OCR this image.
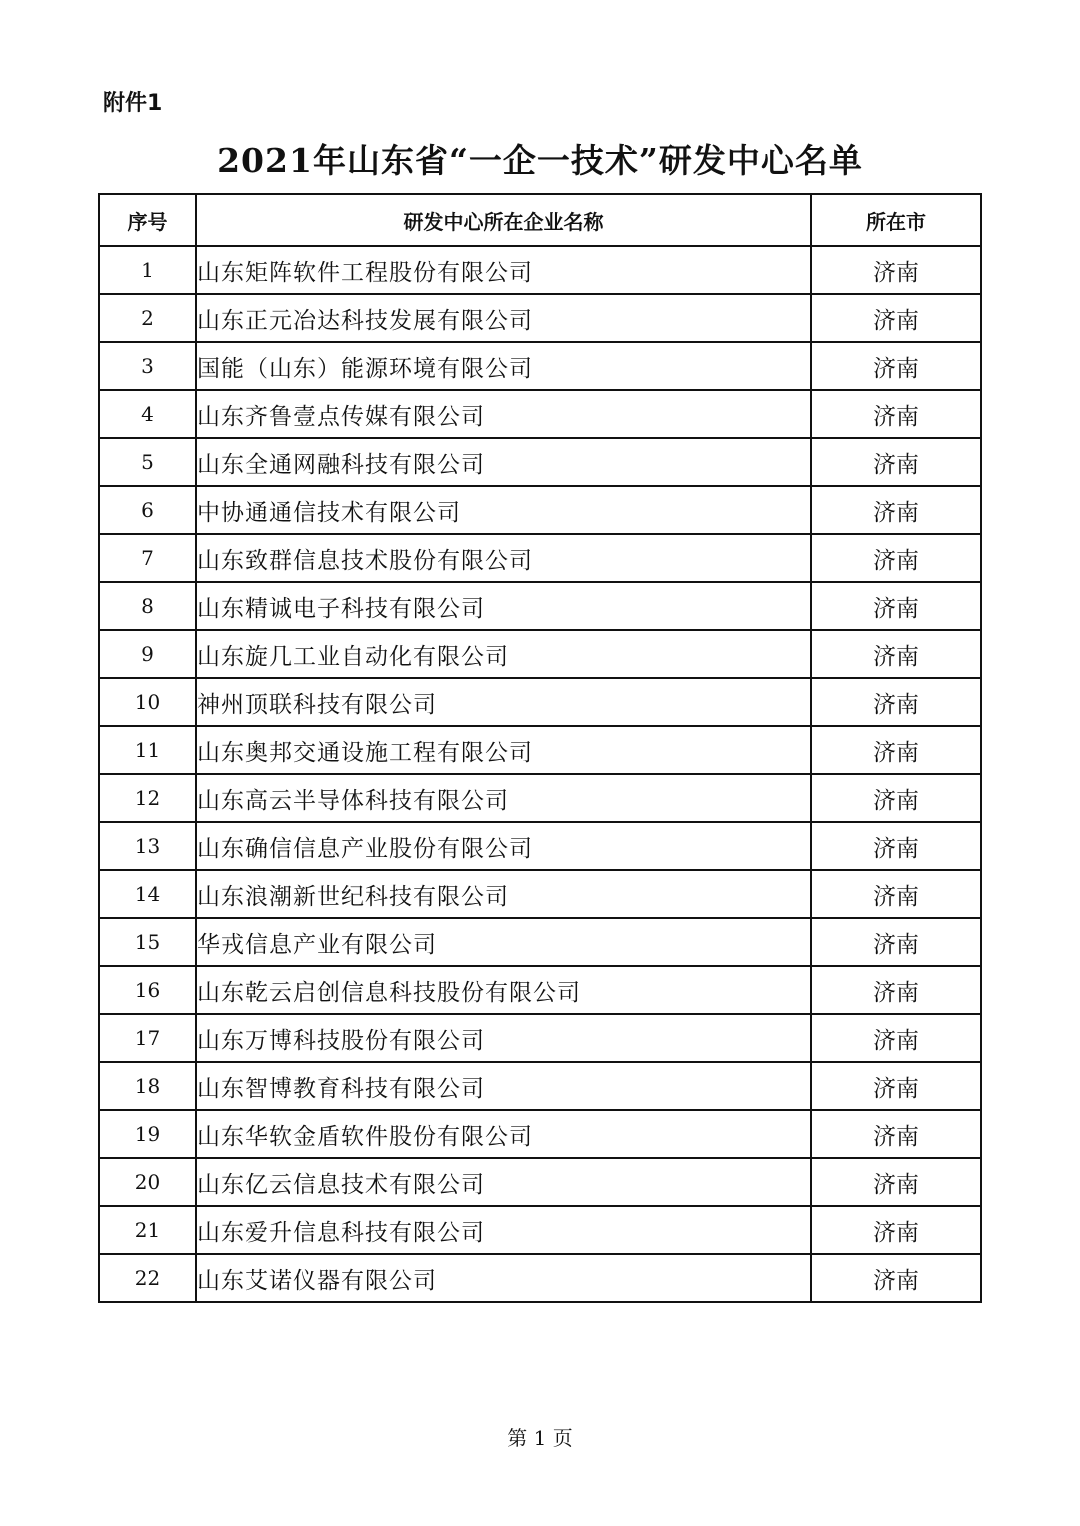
附件1
2021年山东省“一企一技术”研发中心名单
序号	研发中心所在企业名称	所在市
1	山东矩阵软件工程股份有限公司	济南
2	山东正元冶达科技发展有限公司	济南
3	国能（山东）能源环境有限公司	济南
4	山东齐鲁壹点传媒有限公司	济南
5	山东全通网融科技有限公司	济南
6	中协通通信技术有限公司	济南
7	山东致群信息技术股份有限公司	济南
8	山东精诚电子科技有限公司	济南
9	山东旋几工业自动化有限公司	济南
10	神州顶联科技有限公司	济南
11	山东奥邦交通设施工程有限公司	济南
12	山东高云半导体科技有限公司	济南
13	山东确信信息产业股份有限公司	济南
14	山东浪潮新世纪科技有限公司	济南
15	华戎信息产业有限公司	济南
16	山东乾云启创信息科技股份有限公司	济南
17	山东万博科技股份有限公司	济南
18	山东智博教育科技有限公司	济南
19	山东华软金盾软件股份有限公司	济南
20	山东亿云信息技术有限公司	济南
21	山东爱升信息科技有限公司	济南
22	山东艾诺仪器有限公司	济南
第 1 页
